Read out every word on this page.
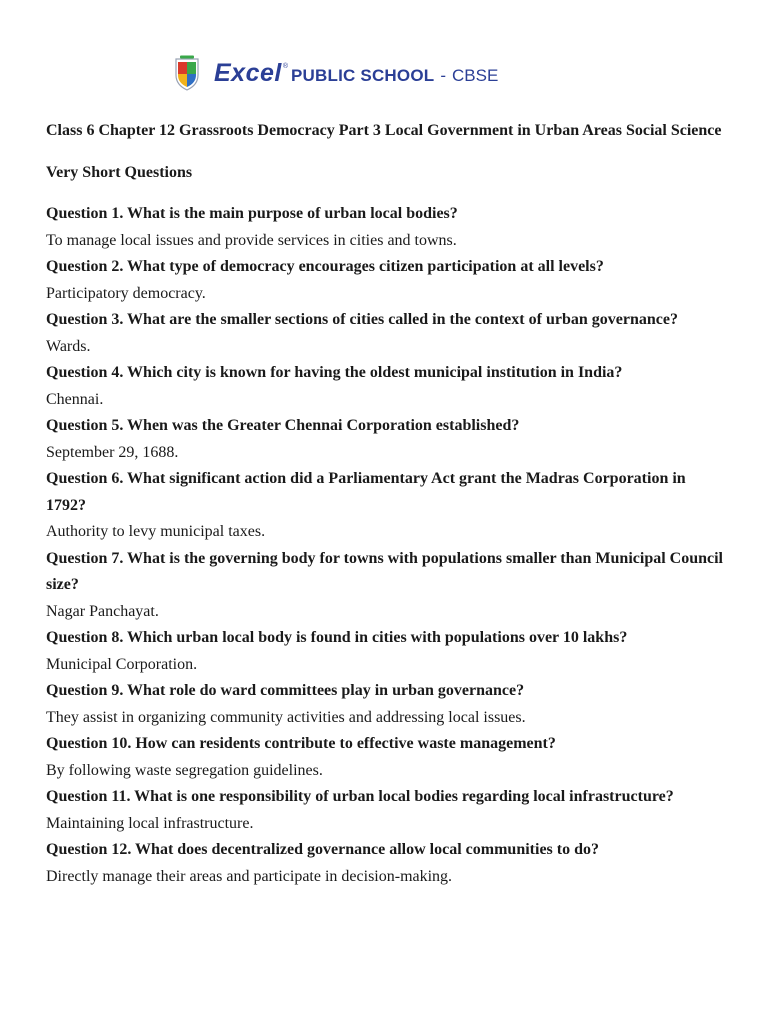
Excel ® PUBLIC SCHOOL - CBSE

Class 6 Chapter 12 Grassroots Democracy Part 3 Local Government in Urban Areas Social Science

Very Short Questions

Question 1. What is the main purpose of urban local bodies?

To manage local issues and provide services in cities and towns.

Question 2. What type of democracy encourages citizen participation at all levels?

Participatory democracy.

Question 3. What are the smaller sections of cities called in the context of urban governance?

Wards.

Question 4. Which city is known for having the oldest municipal institution in India?

Chennai.

Question 5. When was the Greater Chennai Corporation established?

September 29, 1688.

Question 6. What significant action did a Parliamentary Act grant the Madras Corporation in 1792?

Authority to levy municipal taxes.

Question 7. What is the governing body for towns with populations smaller than Municipal Council size?

Nagar Panchayat.

Question 8. Which urban local body is found in cities with populations over 10 lakhs?

Municipal Corporation.

Question 9. What role do ward committees play in urban governance?

They assist in organizing community activities and addressing local issues.

Question 10. How can residents contribute to effective waste management?

By following waste segregation guidelines.

Question 11. What is one responsibility of urban local bodies regarding local infrastructure?

Maintaining local infrastructure.

Question 12. What does decentralized governance allow local communities to do?

Directly manage their areas and participate in decision-making.
